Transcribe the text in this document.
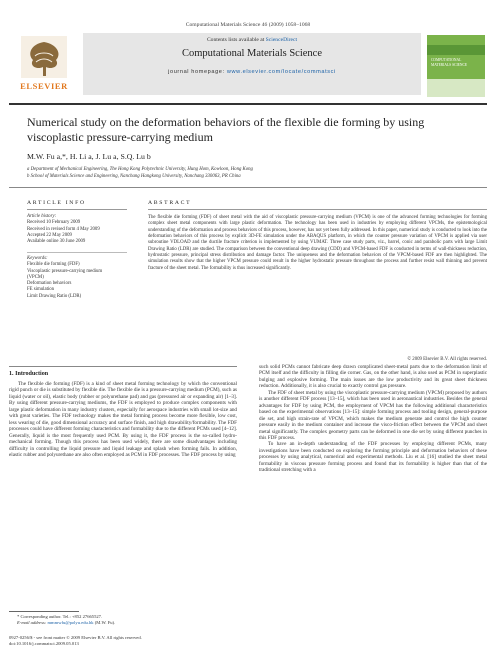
Computational Materials Science 46 (2009) 1058–1068
ELSEVIER
Contents lists available at ScienceDirect
Computational Materials Science
journal homepage: www.elsevier.com/locate/commatsci
COMPUTATIONAL MATERIALS SCIENCE
Numerical study on the deformation behaviors of the flexible die forming by using viscoplastic pressure-carrying medium
M.W. Fu a,*, H. Li a, J. Lu a, S.Q. Lu b
a Department of Mechanical Engineering, The Hong Kong Polytechnic University, Hung Hom, Kowloon, Hong Kong
b School of Materials Science and Engineering, Nanchang Hangkong University, Nanchang 330063, PR China
ARTICLE INFO
Article history:
Received 10 February 2009
Received in revised form 4 May 2009
Accepted 22 May 2009
Available online 30 June 2009
Keywords:
Flexible die forming (FDF)
Viscoplastic pressure-carrying medium
(VPCM)
Deformation behaviors
FE simulation
Limit Drawing Ratio (LDR)
ABSTRACT
The flexible die forming (FDF) of sheet metal with the aid of viscoplastic pressure-carrying medium (VPCM) is one of the advanced forming technologies for forming complex sheet metal components with large plastic deformation. The technology has been used in industries by employing different VPCMs, the epistemological understanding of the deformation and process behaviors of this process, however, has not yet been fully addressed. In this paper, numerical study is conducted to look into the deformation behaviors of this process by explicit 3D-FE simulation under the ABAQUS platform, in which the counter pressure variation of VPCM is applied via user subroutine VDLOAD and the ductile fracture criterion is implemented by using VUMAT. Three case study parts, viz., barrel, conic and parabolic parts with large Limit Drawing Ratio (LDR) are studied. The comparison between the conventional deep drawing (CDD) and VPCM-based FDF is conducted in terms of wall-thickness reduction, hydrostatic pressure, principal stress distribution and damage factor. The uniqueness and the deformation behaviors of the VPCM-based FDF are then highlighted. The simulation results show that the higher VPCM pressure could result in the higher hydrostatic pressure throughout the process and further resist wall thinning and prevent fracture of the sheet metal. The formability is thus increased significantly.
© 2009 Elsevier B.V. All rights reserved.
1. Introduction

The flexible die forming (FDF) is a kind of sheet metal forming technology by which the conventional rigid punch or die is substituted by flexible die. The flexible die is a pressure-carrying medium (PCM), such as liquid (water or oil), elastic body (rubber or polyurethane pad) and gas (pressured air or expanding air) [1–3]. By using different pressure-carrying mediums, the FDF is employed to produce complex components with large plastic deformation in many industry clusters, especially for aerospace industries with small lot-size and with great varieties. The FDF technology makes the metal forming process become more flexible, low cost, less wearing of die, good dimensional accuracy and surface finish, and high drawability/formability. The FDF processes could have different forming characteristics and formability due to the different PCMs used [4–12]. Generally, liquid is the most frequently used PCM. By using it, the FDF process is the so-called hydro-mechanical forming. Though this process has been used widely, there are some disadvantages including difficulty in controlling the liquid pressure and liquid leakage and splash when forming fails. In addition, elastic rubber and polyurethane are also often employed as PCM in FDF processes. The FDF process by using

such solid PCMs cannot fabricate deep drawn complicated sheet-metal parts due to the deformation limit of PCM itself and the difficulty in filling die corner. Gas, on the other hand, is also used as PCM in superplastic bulging and explosive forming. The main issues are the low productivity and its great sheet thickness reduction. Additionally, it is also crucial to exactly control gas pressure.

The FDF of sheet metal by using the viscoplastic pressure-carrying medium (VPCM) proposed by authors is another different FDF process [13–15], which has been used in aeronautical industries. Besides the general advantages for FDF by using PCM, the employment of VPCM has the following additional characteristics based on the experimental observations [13–15]: simple forming process and tooling design, general-purpose die set, and high strain-rate of VPCM, which makes the medium generate and control the high counter pressure easily in the medium container and increase the visco-friction effect between the VPCM and sheet metal significantly. The complex geometry parts can be deformed in one die set by using different punches in this FDF process.

To have an in-depth understanding of the FDF processes by employing different PCMs, many investigations have been conducted on exploring the forming principle and deformation behaviors of these processes by using analytical, numerical and experimental methods. Liu et al. [16] studied the sheet metal formability in viscous pressure forming process and found that its formability is higher than that of the traditional stretching with a

* Corresponding author. Tel.: +852 27665527.
E-mail address: mmmwfu@polyu.edu.hk (M.W. Fu).
0927-0256/$ - see front matter © 2009 Elsevier B.V. All rights reserved.
doi:10.1016/j.commatsci.2009.05.013
